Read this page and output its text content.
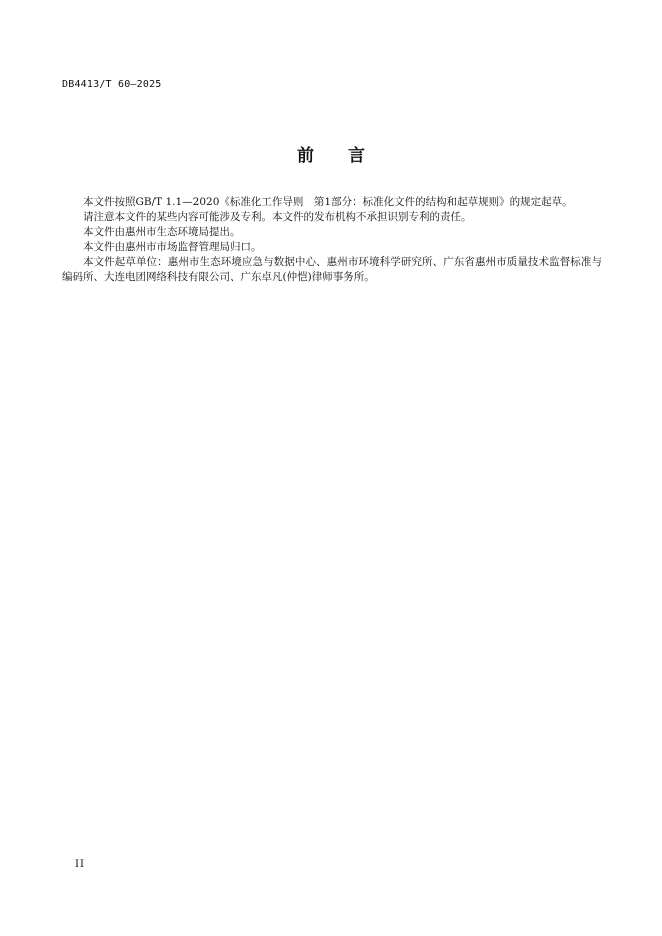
DB4413/T 60—2025
前　　言

本文件按照GB/T 1.1—2020《标准化工作导则　第1部分：标准化文件的结构和起草规则》的规定起草。

请注意本文件的某些内容可能涉及专利。本文件的发布机构不承担识别专利的责任。

本文件由惠州市生态环境局提出。

本文件由惠州市市场监督管理局归口。

本文件起草单位：惠州市生态环境应急与数据中心、惠州市环境科学研究所、广东省惠州市质量技术监督标准与编码所、大连电团网络科技有限公司、广东卓凡(仲恺)律师事务所。

II
